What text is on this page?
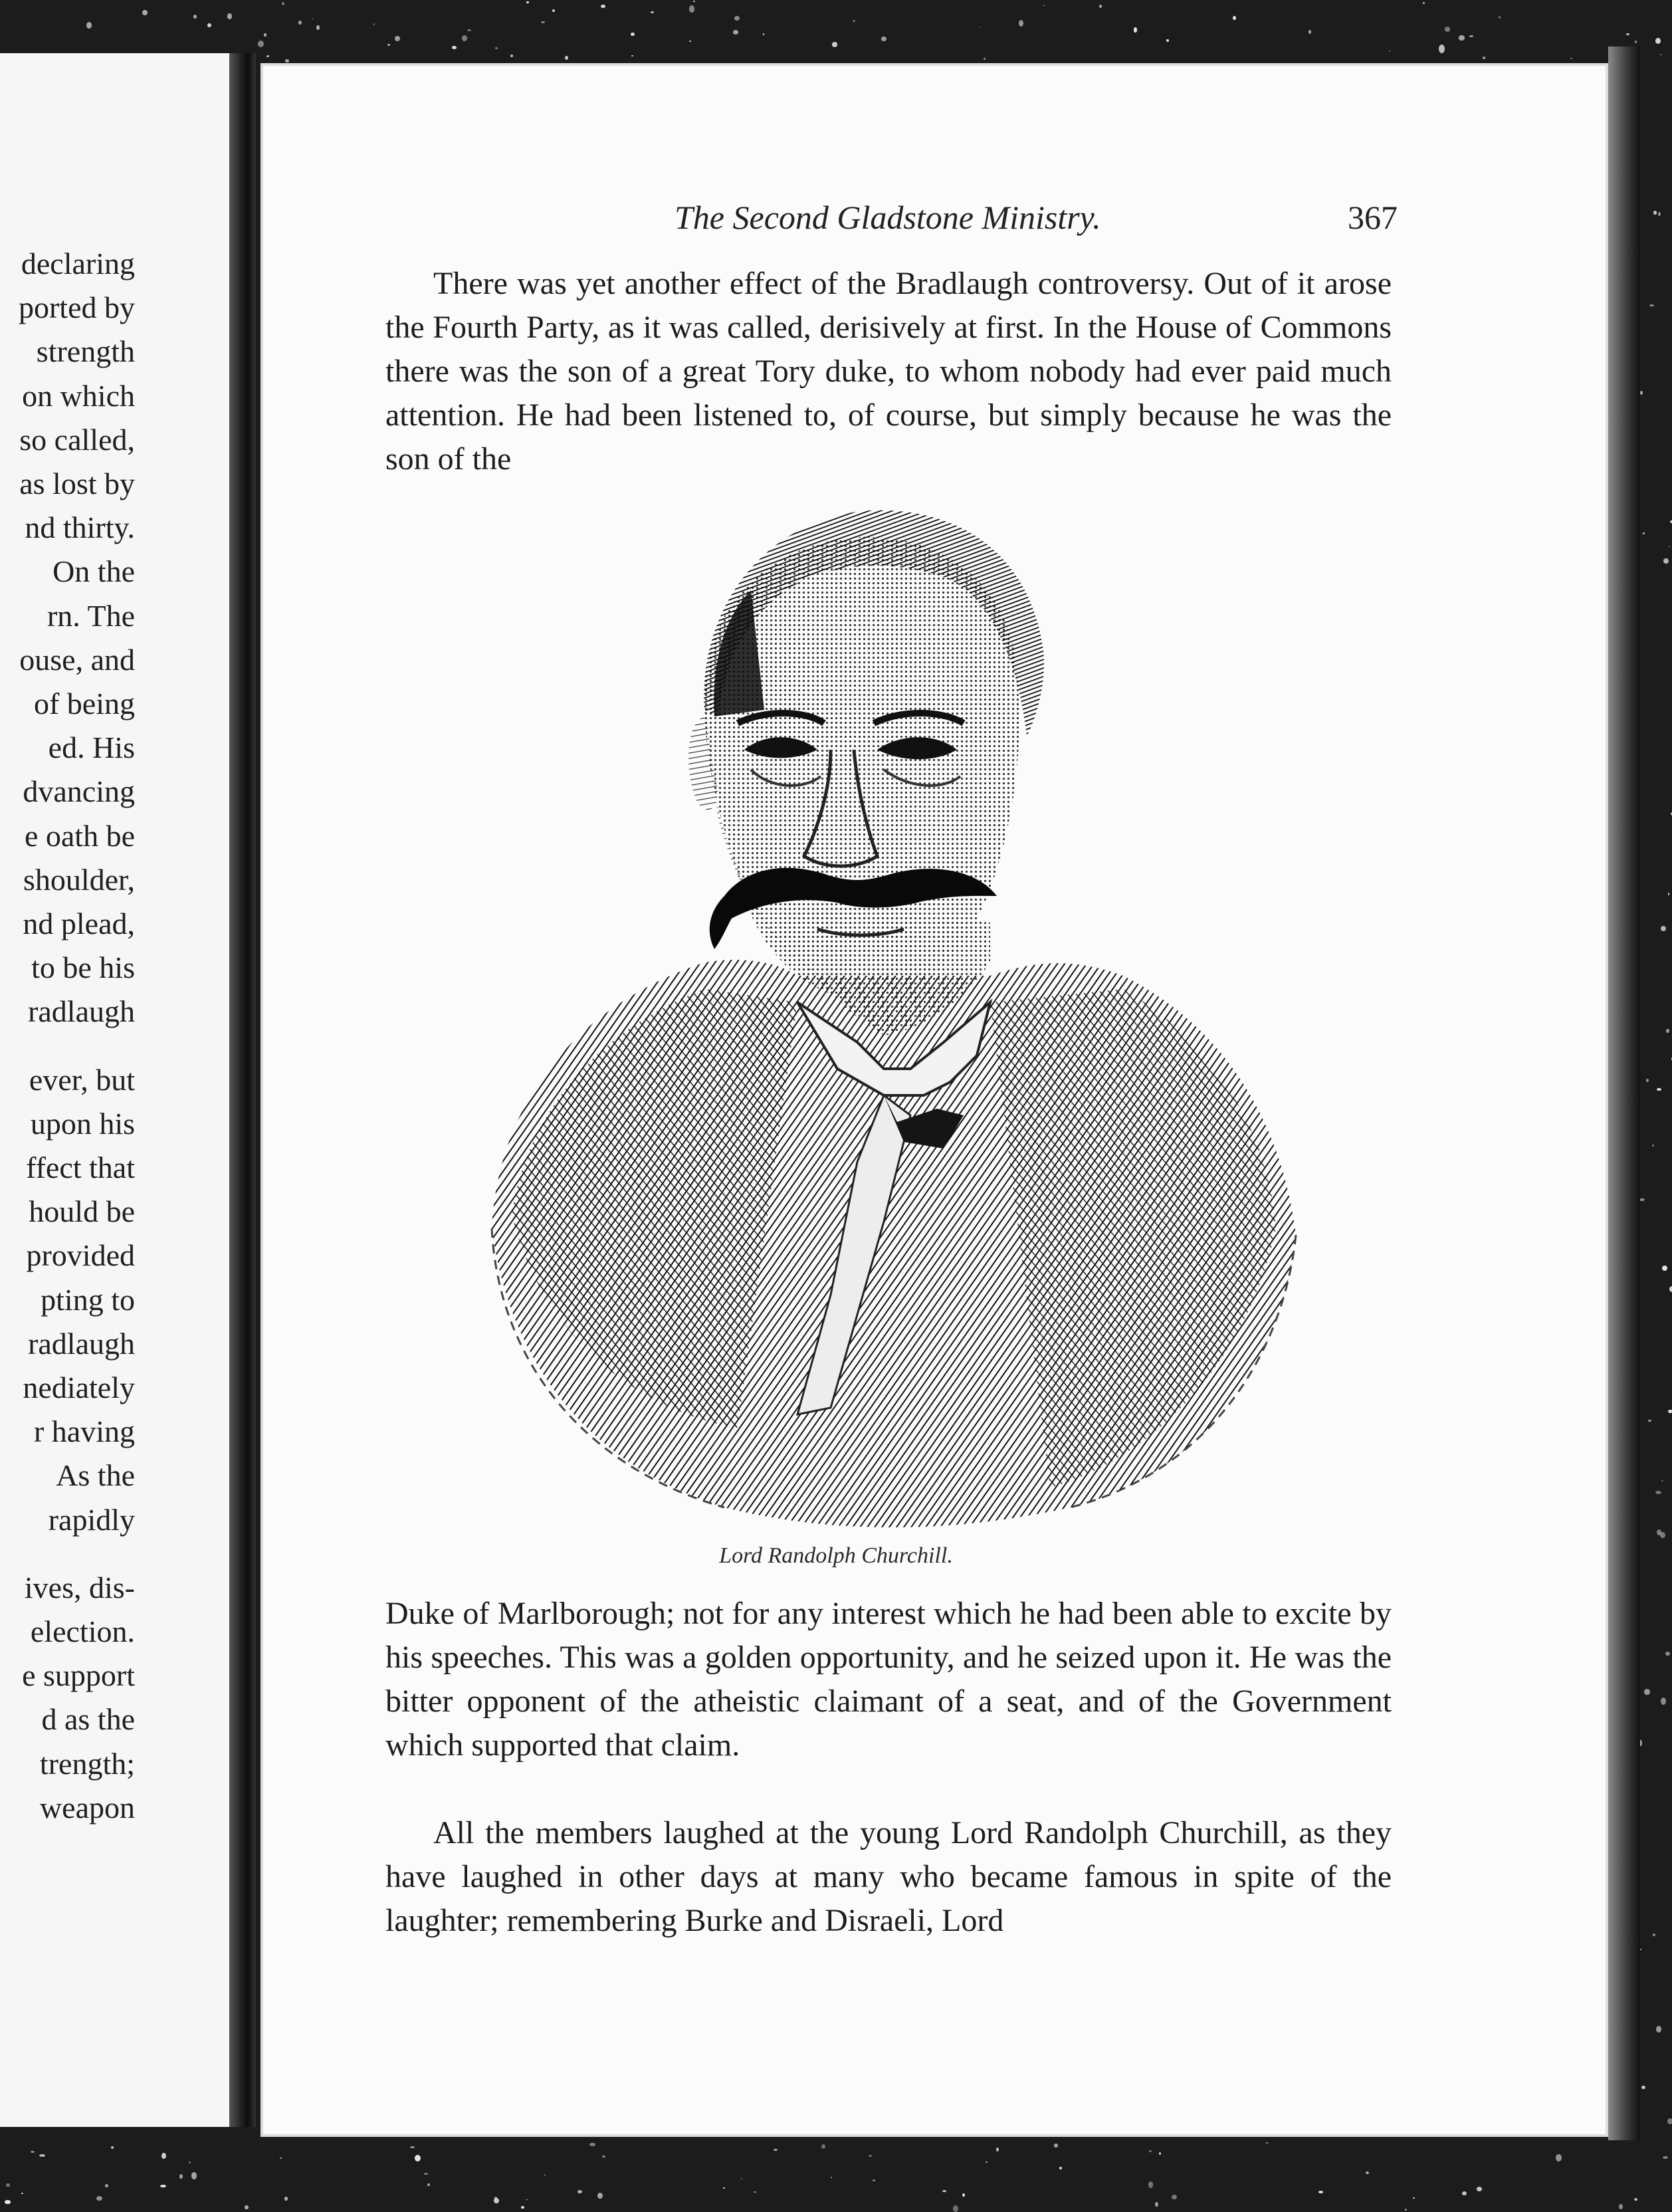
declaring
ported by
strength
on which
so called,
as lost by
nd thirty.
On the
rn. The
ouse, and
of being
ed. His
dvancing
e oath be
shoulder,
nd plead,
to be his
radlaugh
ever, but
upon his
ffect that
hould be
provided
pting to
radlaugh
nediately
r having
As the
rapidly
ives, dis-
election.
e support
d as the
trength;
weapon
The Second Gladstone Ministry.	367

There was yet another effect of the Bradlaugh controversy. Out of it arose the Fourth Party, as it was called, derisively at first. In the House of Commons there was the son of a great Tory duke, to whom nobody had ever paid much attention. He had been listened to, of course, but simply because he was the son of the

Lord Randolph Churchill.

Duke of Marlborough; not for any interest which he had been able to excite by his speeches. This was a golden opportunity, and he seized upon it. He was the bitter opponent of the atheistic claimant of a seat, and of the Government which supported that claim.

All the members laughed at the young Lord Randolph Churchill, as they have laughed in other days at many who became famous in spite of the laughter; remembering Burke and Disraeli, Lord
